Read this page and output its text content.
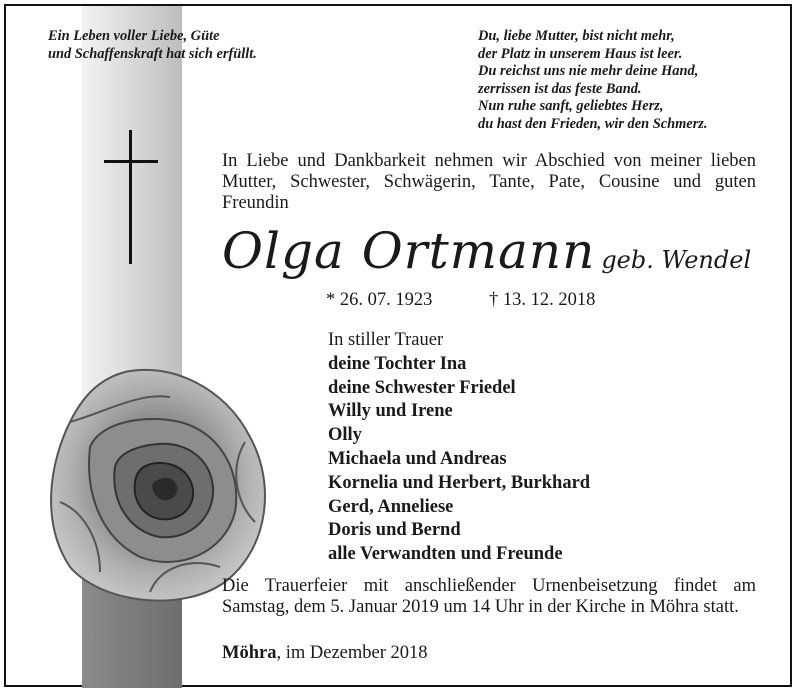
Ein Leben voller Liebe, Güte
und Schaffenskraft hat sich erfüllt.
Du, liebe Mutter, bist nicht mehr,
der Platz in unserem Haus ist leer.
Du reichst uns nie mehr deine Hand,
zerrissen ist das feste Band.
Nun ruhe sanft, geliebtes Herz,
du hast den Frieden, wir den Schmerz.
In Liebe und Dankbarkeit nehmen wir Abschied von meiner lieben Mutter, Schwester, Schwägerin, Tante, Pate, Cousine und guten Freundin
Olga Ortmann geb. Wendel
* 26. 07. 1923	† 13. 12. 2018
In stiller Trauer
deine Tochter Ina
deine Schwester Friedel
Willy und Irene
Olly
Michaela und Andreas
Kornelia und Herbert, Burkhard
Gerd, Anneliese
Doris und Bernd
alle Verwandten und Freunde
Die Trauerfeier mit anschließender Urnenbeisetzung findet am Samstag, dem 5. Januar 2019 um 14 Uhr in der Kirche in Möhra statt.
Möhra, im Dezember 2018
